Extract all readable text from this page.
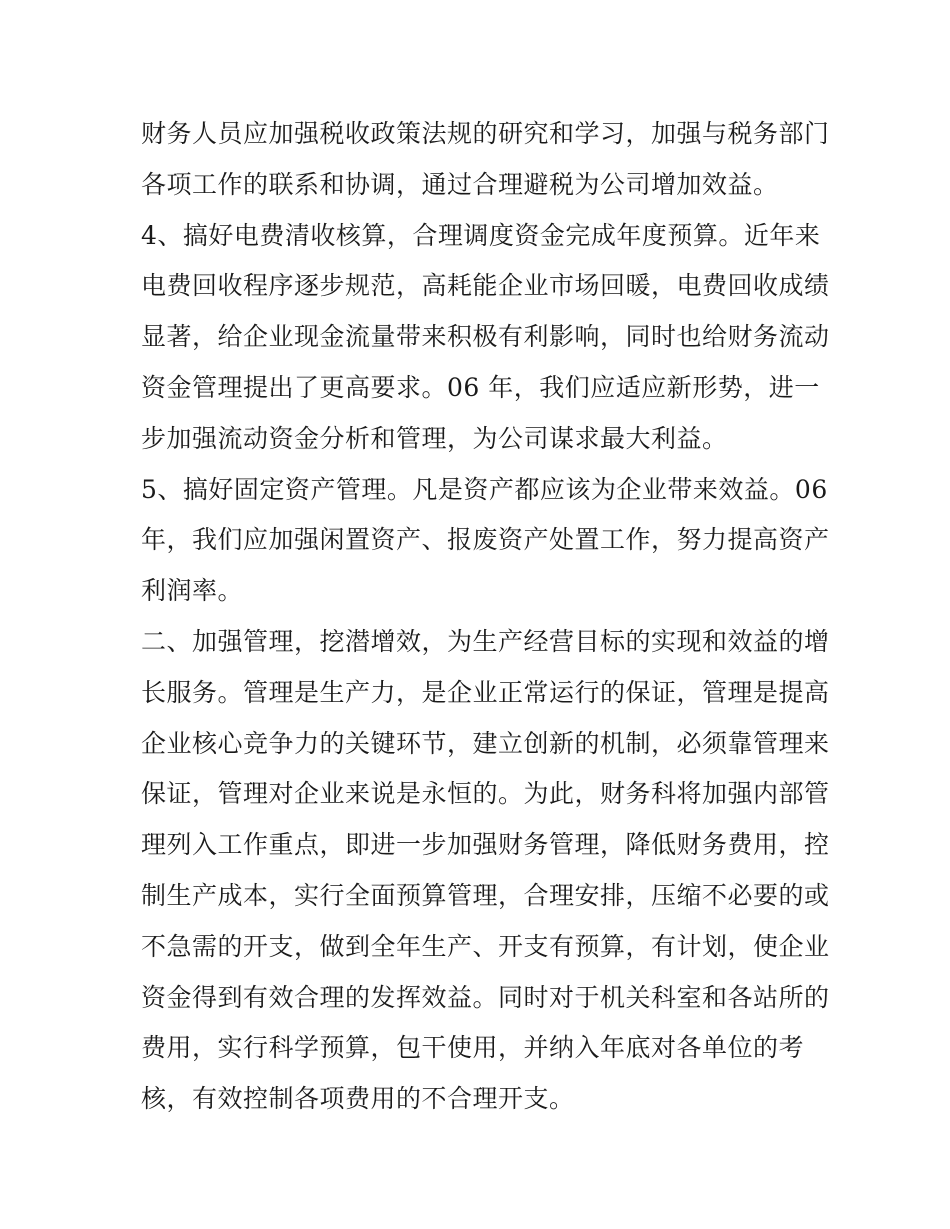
财务人员应加强税收政策法规的研究和学习，加强与税务部门
各项工作的联系和协调，通过合理避税为公司增加效益。
4、搞好电费清收核算，合理调度资金完成年度预算。近年来
电费回收程序逐步规范，高耗能企业市场回暖，电费回收成绩
显著，给企业现金流量带来积极有利影响，同时也给财务流动
资金管理提出了更高要求。06 年，我们应适应新形势，进一
步加强流动资金分析和管理，为公司谋求最大利益。
5、搞好固定资产管理。凡是资产都应该为企业带来效益。06
年，我们应加强闲置资产、报废资产处置工作，努力提高资产
利润率。
二、加强管理，挖潜增效，为生产经营目标的实现和效益的增
长服务。管理是生产力，是企业正常运行的保证，管理是提高
企业核心竞争力的关键环节，建立创新的机制，必须靠管理来
保证，管理对企业来说是永恒的。为此，财务科将加强内部管
理列入工作重点，即进一步加强财务管理，降低财务费用，控
制生产成本，实行全面预算管理，合理安排，压缩不必要的或
不急需的开支，做到全年生产、开支有预算，有计划，使企业
资金得到有效合理的发挥效益。同时对于机关科室和各站所的
费用，实行科学预算，包干使用，并纳入年底对各单位的考
核，有效控制各项费用的不合理开支。
